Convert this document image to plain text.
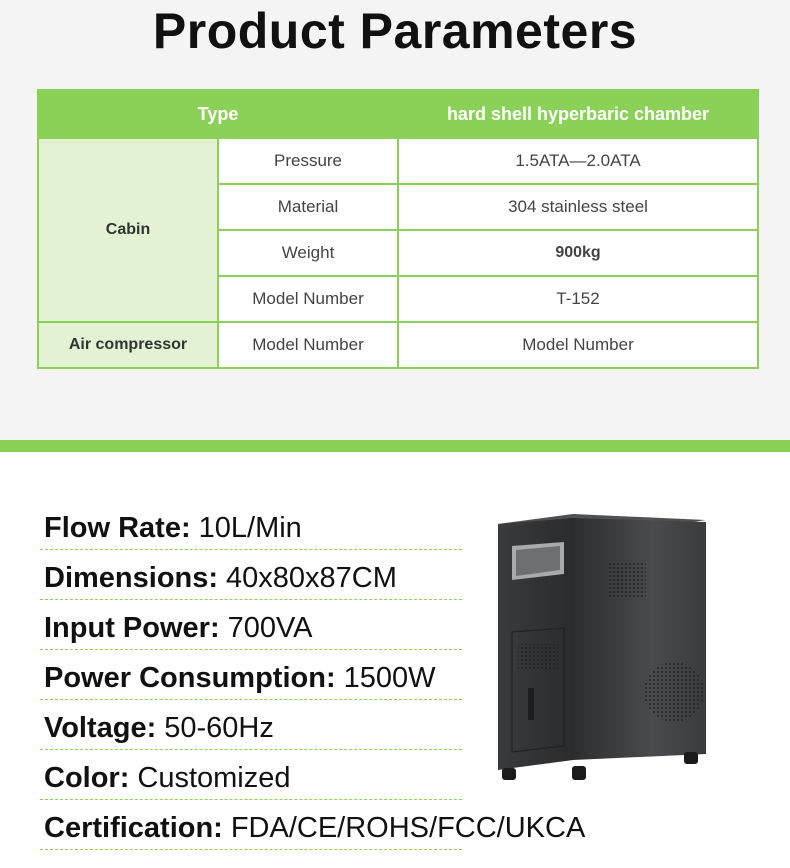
Product Parameters
Type		hard shell hyperbaric chamber
Cabin	Pressure	1.5ATA—2.0ATA
	Material	304 stainless steel
	Weight	900kg
	Model Number	T-152
Air compressor	Model Number	Model Number
Flow Rate: 10L/Min
Dimensions: 40x80x87CM
Input Power: 700VA
Power Consumption: 1500W
Voltage: 50-60Hz
Color: Customized
Certification: FDA/CE/ROHS/FCC/UKCA
